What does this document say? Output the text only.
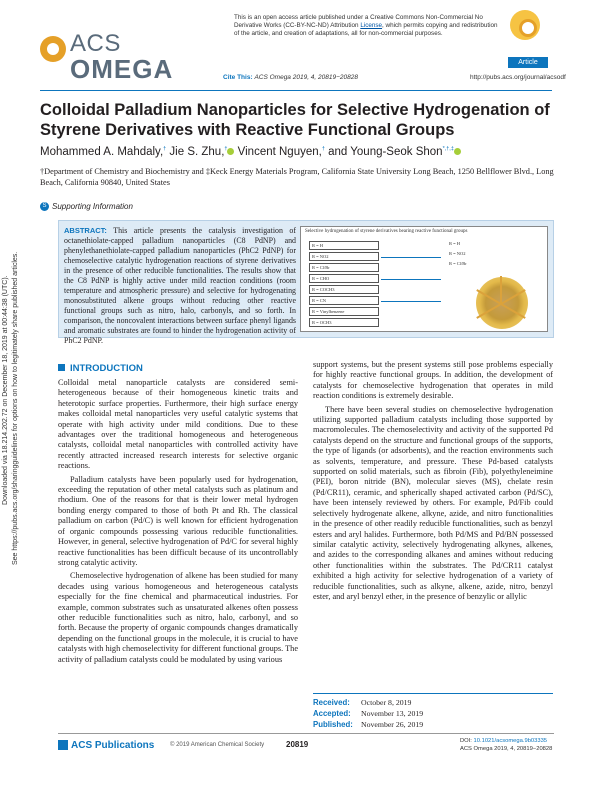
Downloaded via 18.214.202.72 on December 18, 2019 at 00:44:38 (UTC). See https://pubs.acs.org/sharingguidelines for options on how to legitimately share published articles.
ACS
OMEGA
This is an open access article published under a Creative Commons Non-Commercial No Derivative Works (CC-BY-NC-ND) Attribution License, which permits copying and redistribution of the article, and creation of adaptations, all for non-commercial purposes.
Article
Cite This: ACS Omega 2019, 4, 20819−20828	http://pubs.acs.org/journal/acsodf
Colloidal Palladium Nanoparticles for Selective Hydrogenation of Styrene Derivatives with Reactive Functional Groups
Mohammed A. Mahdaly,† Jie S. Zhu,† Vincent Nguyen,† and Young-Seok Shon*,†,‡
†Department of Chemistry and Biochemistry and ‡Keck Energy Materials Program, California State University Long Beach, 1250 Bellflower Blvd., Long Beach, California 90840, United States
S Supporting Information
ABSTRACT: This article presents the catalysis investigation of octanethiolate-capped palladium nanoparticles (C8 PdNP) and phenylethanethiolate-capped palladium nanoparticles (PhC2 PdNP) for chemoselective catalytic hydrogenation reactions of styrene derivatives in the presence of other reducible functionalities. The results show that the C8 PdNP is highly active under mild reaction conditions (room temperature and atmospheric pressure) and selective for hydrogenating monosubstituted alkene groups without reducing other reactive functional groups such as nitro, halo, carbonyls, and so forth. In comparison, the noncovalent interactions between surface phenyl ligands and aromatic substrates are found to hinder the hydrogenation activity of PhC2 PdNP.
Selective hydrogenation of styrene derivatives bearing reactive functional groups
R = H
R = NO2
R = Cl/Br
R = CHO
R = COCH3
R = CN
R = Vinylbenzene
R = OCH3
R = H
R = NO2
R = Cl/Br
INTRODUCTION

Colloidal metal nanoparticle catalysts are considered semi-heterogeneous because of their homogeneous kinetic traits and heterotopic surface properties. Furthermore, their high surface energy makes colloidal metal nanoparticles very useful catalytic systems that operate with high activity under mild conditions. Due to these advantages over the traditional homogeneous and heterogeneous catalysts, colloidal metal nanoparticles with controlled activity have recently attracted increased research interests for selective organic reactions.

Palladium catalysts have been popularly used for hydrogenation, exceeding the reputation of other metal catalysts such as platinum and rhodium. One of the reasons for that is their lower metal hydrogen bonding energy compared to those of both Pt and Rh. The classical palladium on carbon (Pd/C) is well known for efficient hydrogenation of organic compounds possessing various reducible functionalities. However, in general, selective hydrogenation of Pd/C for several highly reactive functionalities has been difficult because of its uncontrollably strong catalytic activity.

Chemoselective hydrogenation of alkene has been studied for many decades using various homogeneous and heterogeneous catalysts especially for the fine chemical and pharmaceutical industries. For example, common substrates such as unsaturated alkenes often possess other reducible functionalities such as nitro, halo, carbonyl, and so forth. Because the property of organic compounds changes dramatically depending on the functional groups in the molecule, it is crucial to have catalysts with high chemoselectivity for different functional groups. The activity of palladium catalysts could be modulated by using various

support systems, but the present systems still pose problems especially for highly reactive functional groups. In addition, the development of catalysts for chemoselective hydrogenation that operates in mild reaction conditions is extremely desirable.

There have been several studies on chemoselective hydrogenation utilizing supported palladium catalysts including those supported by macromolecules. The chemoselectivity and activity of the supported Pd catalysts depend on the structure and functional groups of the supports, the type of ligands (or adsorbents), and the reaction environments such as solvents, temperature, and pressure. These Pd-based catalysts supported on solid materials, such as fibroin (Fib), polyethyleneimine (PEI), boron nitride (BN), molecular sieves (MS), chelate resin (Pd/CR11), ceramic, and spherically shaped activated carbon (Pd/SC), have been intensely reviewed by others. For example, Pd/Fib could selectively hydrogenate alkene, alkyne, azide, and nitro functionalities in the presence of other readily reducible functionalities, such as benzyl esters and aryl halides. Furthermore, both Pd/MS and Pd/BN possessed similar catalytic activity, selectively hydrogenating alkynes, alkenes, and azides to the corresponding alkanes and amines without reducing other functionalities within the substrates. The Pd/CR11 catalyst exhibited a high activity for selective hydrogenation of a variety of reducible functionalities, such as alkyne, alkene, azide, nitro, benzyl ester, and aryl benzyl ether, in the presence of benzylic or allylic

Received: October 8, 2019
Accepted: November 13, 2019
Published: November 26, 2019
ACS Publications	© 2019 American Chemical Society	20819	DOI: 10.1021/acsomega.9b03335
ACS Omega 2019, 4, 20819−20828
